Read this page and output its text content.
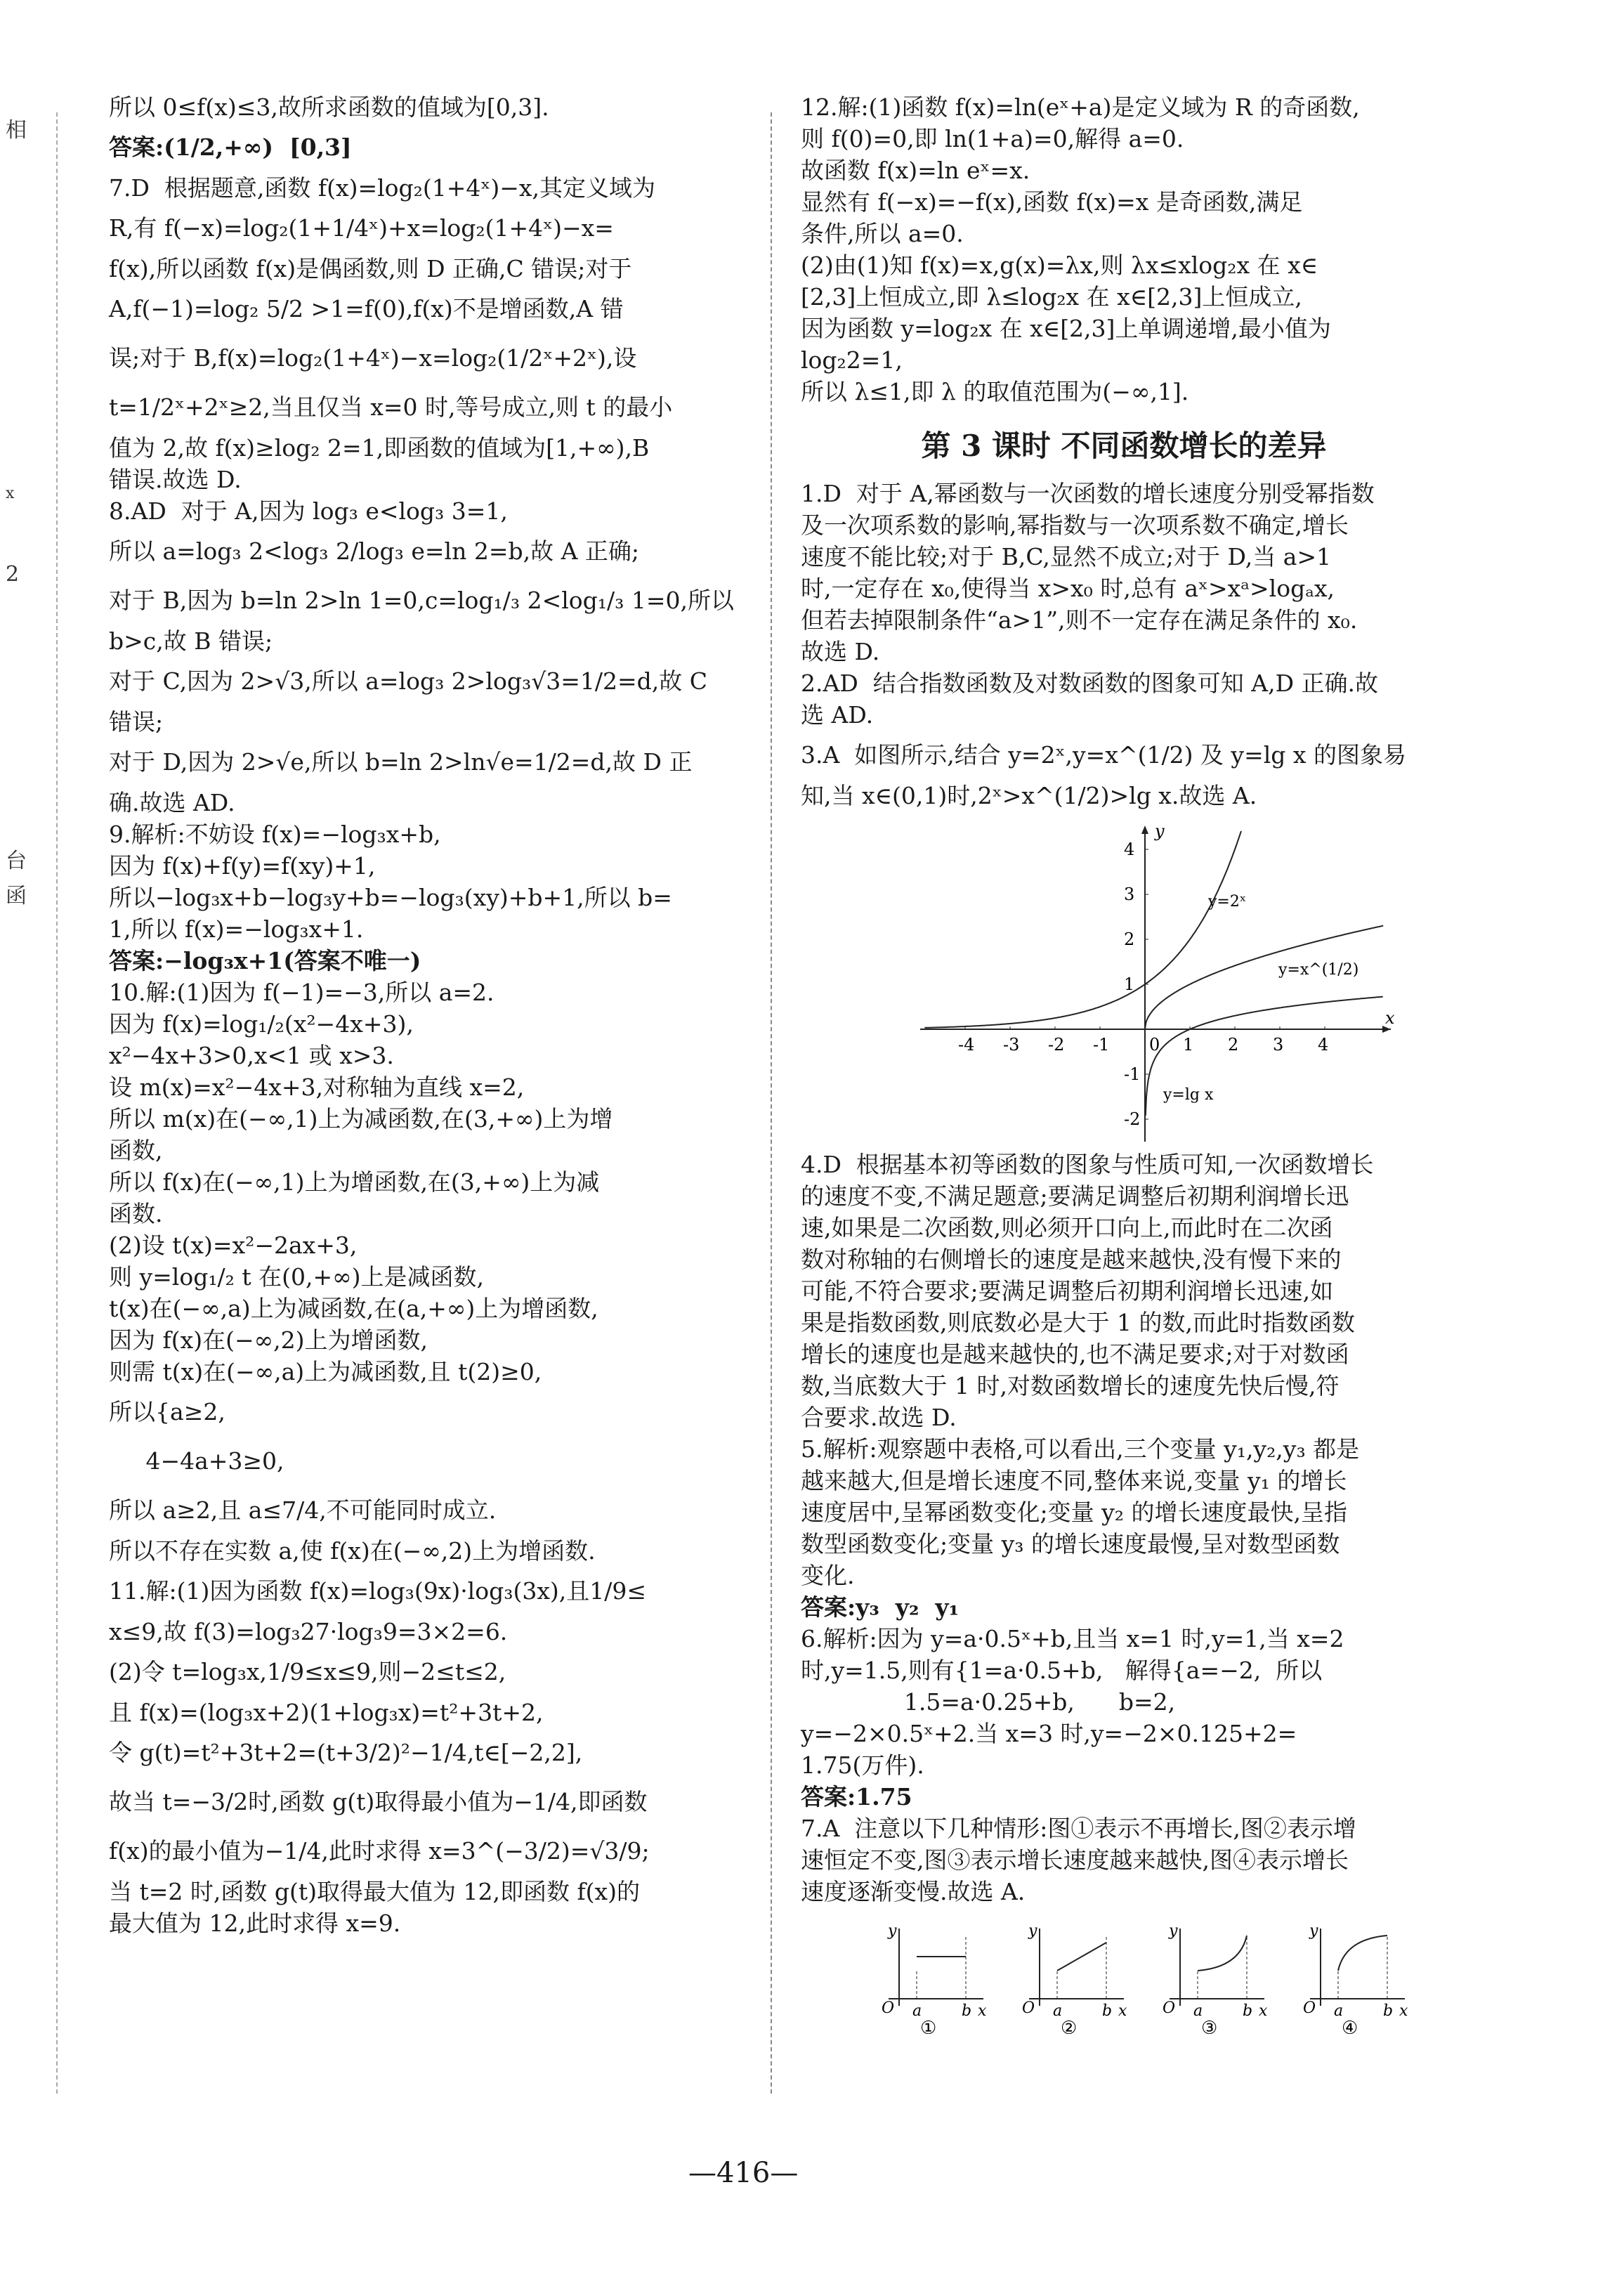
相
x
2
台
函
所以 0≤f(x)≤3,故所求函数的值域为[0,3].
答案:(1/2,+∞)  [0,3]
7.D  根据题意,函数 f(x)=log₂(1+4ˣ)−x,其定义域为
R,有 f(−x)=log₂(1+1/4ˣ)+x=log₂(1+4ˣ)−x=
f(x),所以函数 f(x)是偶函数,则 D 正确,C 错误;对于
A,f(−1)=log₂ 5/2 >1=f(0),f(x)不是增函数,A 错
误;对于 B,f(x)=log₂(1+4ˣ)−x=log₂(1/2ˣ+2ˣ),设
t=1/2ˣ+2ˣ≥2,当且仅当 x=0 时,等号成立,则 t 的最小
值为 2,故 f(x)≥log₂ 2=1,即函数的值域为[1,+∞),B
错误.故选 D.
8.AD  对于 A,因为 log₃ e<log₃ 3=1,
所以 a=log₃ 2<log₃ 2/log₃ e=ln 2=b,故 A 正确;
对于 B,因为 b=ln 2>ln 1=0,c=log₁/₃ 2<log₁/₃ 1=0,所以
b>c,故 B 错误;
对于 C,因为 2>√3,所以 a=log₃ 2>log₃√3=1/2=d,故 C
错误;
对于 D,因为 2>√e,所以 b=ln 2>ln√e=1/2=d,故 D 正
确.故选 AD.
9.解析:不妨设 f(x)=−log₃x+b,
因为 f(x)+f(y)=f(xy)+1,
所以−log₃x+b−log₃y+b=−log₃(xy)+b+1,所以 b=
1,所以 f(x)=−log₃x+1.
答案:−log₃x+1(答案不唯一)
10.解:(1)因为 f(−1)=−3,所以 a=2.
因为 f(x)=log₁/₂(x²−4x+3),
x²−4x+3>0,x<1 或 x>3.
设 m(x)=x²−4x+3,对称轴为直线 x=2,
所以 m(x)在(−∞,1)上为减函数,在(3,+∞)上为增
函数,
所以 f(x)在(−∞,1)上为增函数,在(3,+∞)上为减
函数.
(2)设 t(x)=x²−2ax+3,
则 y=log₁/₂ t 在(0,+∞)上是减函数,
t(x)在(−∞,a)上为减函数,在(a,+∞)上为增函数,
因为 f(x)在(−∞,2)上为增函数,
则需 t(x)在(−∞,a)上为减函数,且 t(2)≥0,
所以{a≥2,
4−4a+3≥0,
所以 a≥2,且 a≤7/4,不可能同时成立.
所以不存在实数 a,使 f(x)在(−∞,2)上为增函数.
11.解:(1)因为函数 f(x)=log₃(9x)·log₃(3x),且1/9≤
x≤9,故 f(3)=log₃27·log₃9=3×2=6.
(2)令 t=log₃x,1/9≤x≤9,则−2≤t≤2,
且 f(x)=(log₃x+2)(1+log₃x)=t²+3t+2,
令 g(t)=t²+3t+2=(t+3/2)²−1/4,t∈[−2,2],
故当 t=−3/2时,函数 g(t)取得最小值为−1/4,即函数
f(x)的最小值为−1/4,此时求得 x=3^(−3/2)=√3/9;
当 t=2 时,函数 g(t)取得最大值为 12,即函数 f(x)的
最大值为 12,此时求得 x=9.
12.解:(1)函数 f(x)=ln(eˣ+a)是定义域为 R 的奇函数,
则 f(0)=0,即 ln(1+a)=0,解得 a=0.
故函数 f(x)=ln eˣ=x.
显然有 f(−x)=−f(x),函数 f(x)=x 是奇函数,满足
条件,所以 a=0.
(2)由(1)知 f(x)=x,g(x)=λx,则 λx≤xlog₂x 在 x∈
[2,3]上恒成立,即 λ≤log₂x 在 x∈[2,3]上恒成立,
因为函数 y=log₂x 在 x∈[2,3]上单调递增,最小值为
log₂2=1,
所以 λ≤1,即 λ 的取值范围为(−∞,1].
第 3 课时 不同函数增长的差异
1.D  对于 A,幂函数与一次函数的增长速度分别受幂指数
及一次项系数的影响,幂指数与一次项系数不确定,增长
速度不能比较;对于 B,C,显然不成立;对于 D,当 a>1
时,一定存在 x₀,使得当 x>x₀ 时,总有 aˣ>xᵃ>logₐx,
但若去掉限制条件“a>1”,则不一定存在满足条件的 x₀.
故选 D.
2.AD  结合指数函数及对数函数的图象可知 A,D 正确.故
选 AD.
3.A  如图所示,结合 y=2ˣ,y=x^(1/2) 及 y=lg x 的图象易
知,当 x∈(0,1)时,2ˣ>x^(1/2)>lg x.故选 A.
-4 -3 -2 -1 0 1 2 3 4
4
3
2
1
-1
-2
x
y
y=2ˣ
y=x^(1/2)
y=lg x
4.D  根据基本初等函数的图象与性质可知,一次函数增长
的速度不变,不满足题意;要满足调整后初期利润增长迅
速,如果是二次函数,则必须开口向上,而此时在二次函
数对称轴的右侧增长的速度是越来越快,没有慢下来的
可能,不符合要求;要满足调整后初期利润增长迅速,如
果是指数函数,则底数必是大于 1 的数,而此时指数函数
增长的速度也是越来越快的,也不满足要求;对于对数函
数,当底数大于 1 时,对数函数增长的速度先快后慢,符
合要求.故选 D.
5.解析:观察题中表格,可以看出,三个变量 y₁,y₂,y₃ 都是
越来越大,但是增长速度不同,整体来说,变量 y₁ 的增长
速度居中,呈幂函数变化;变量 y₂ 的增长速度最快,呈指
数型函数变化;变量 y₃ 的增长速度最慢,呈对数型函数
变化.
答案:y₃  y₂  y₁
6.解析:因为 y=a·0.5ˣ+b,且当 x=1 时,y=1,当 x=2
时,y=1.5,则有{1=a·0.5+b,   解得{a=−2,  所以
1.5=a·0.25+b,      b=2,
y=−2×0.5ˣ+2.当 x=3 时,y=−2×0.125+2=
1.75(万件).
答案:1.75
7.A  注意以下几种情形:图①表示不再增长,图②表示增
速恒定不变,图③表示增长速度越来越快,图④表示增长
速度逐渐变慢.故选 A.
O a	b x
y
①
O a	b x
y
②
O a	b x
y
③
O a	b x
y
④
—416—
